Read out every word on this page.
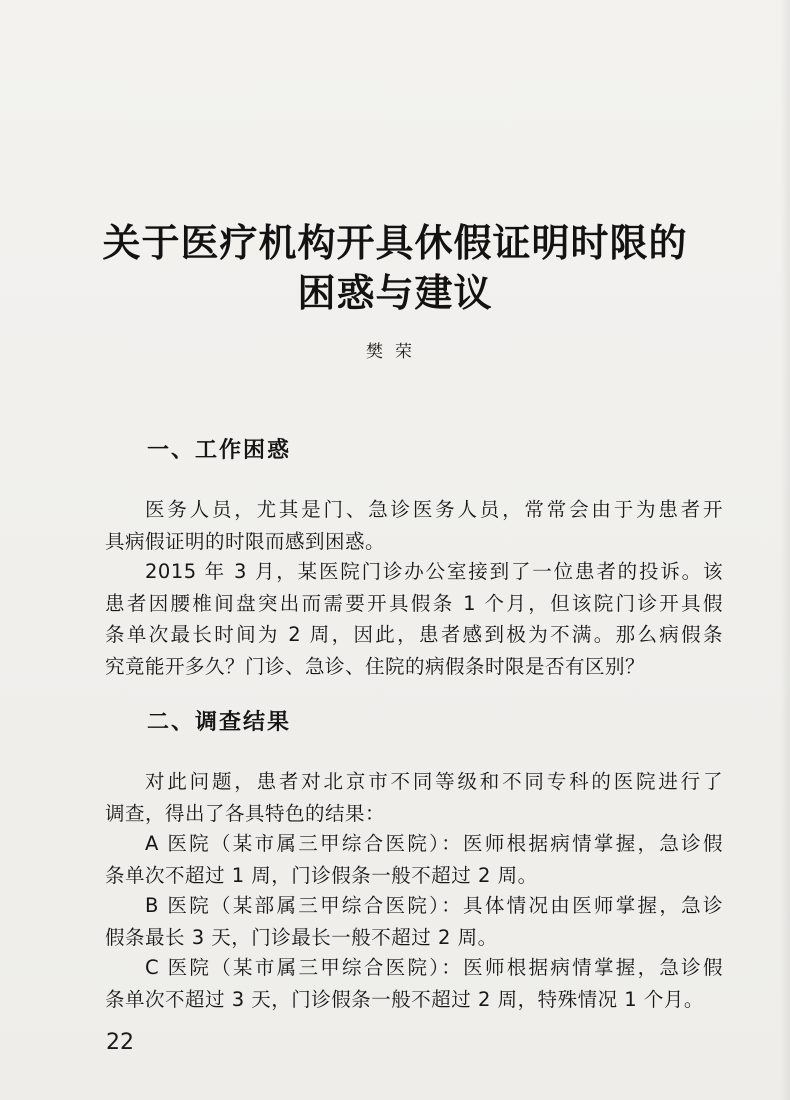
关于医疗机构开具休假证明时限的
困惑与建议
樊荣
一、工作困惑
医务人员，尤其是门、急诊医务人员，常常会由于为患者开
具病假证明的时限而感到困惑。
2015 年 3 月，某医院门诊办公室接到了一位患者的投诉。该
患者因腰椎间盘突出而需要开具假条 1 个月，但该院门诊开具假
条单次最长时间为 2 周，因此，患者感到极为不满。那么病假条
究竟能开多久？门诊、急诊、住院的病假条时限是否有区别？
二、调查结果
对此问题，患者对北京市不同等级和不同专科的医院进行了
调查，得出了各具特色的结果：
A 医院（某市属三甲综合医院）：医师根据病情掌握，急诊假
条单次不超过 1 周，门诊假条一般不超过 2 周。
B 医院（某部属三甲综合医院）：具体情况由医师掌握，急诊
假条最长 3 天，门诊最长一般不超过 2 周。
C 医院（某市属三甲综合医院）：医师根据病情掌握，急诊假
条单次不超过 3 天，门诊假条一般不超过 2 周，特殊情况 1 个月。
22
